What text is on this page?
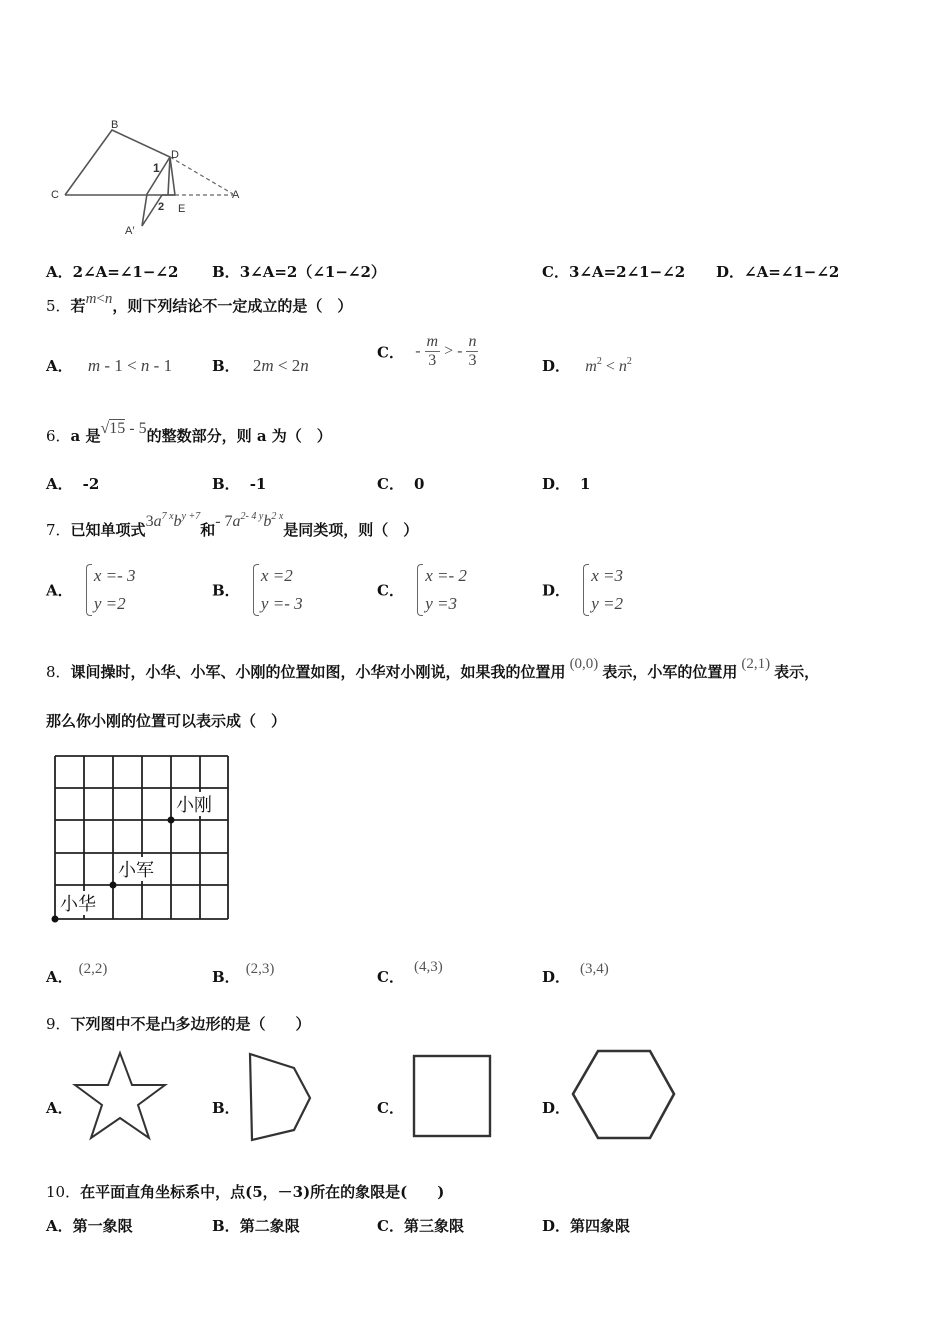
B
C
D
A
E
A′
1
2
A．2∠A=∠1−∠2 B．3∠A=2（∠1−∠2）	C．3∠A=2∠1−∠2 D．∠A=∠1−∠2
5．若m<n，则下列结论不一定成立的是（　）
A． m - 1 < n - 1	B． 2m < 2n
C． - $\frac{m}{3}$ > - $\frac{n}{3}$	D． $m^2 < n^2$
6．a 是√15 - 5的整数部分，则 a 为（　）
A． -2	B． -1	C． 0	D． 1
7．已知单项式$3a^{7 x}b^{y +7}$和- $7a^{2- 4 y}b^{2 x}$是同类项，则（　）
A．
x =- 3
y =2
B．
x =2
y =- 3
C．
x =- 2
y =3
D．
x =3
y =2
8．课间操时，小华、小军、小刚的位置如图，小华对小刚说，如果我的位置用 (0,0) 表示，小军的位置用 (2,1) 表示，
那么你小刚的位置可以表示成（　）
小刚
小军
小华
A． (2,2)	B． (2,3)	C．(4,3)
D． (3,4)
9．下列图中不是凸多边形的是（　　）
A．	B．	C．	D．
10．在平面直角坐标系中，点(5，－3)所在的象限是(　　)
A．第一象限	B．第二象限	C．第三象限	D．第四象限
